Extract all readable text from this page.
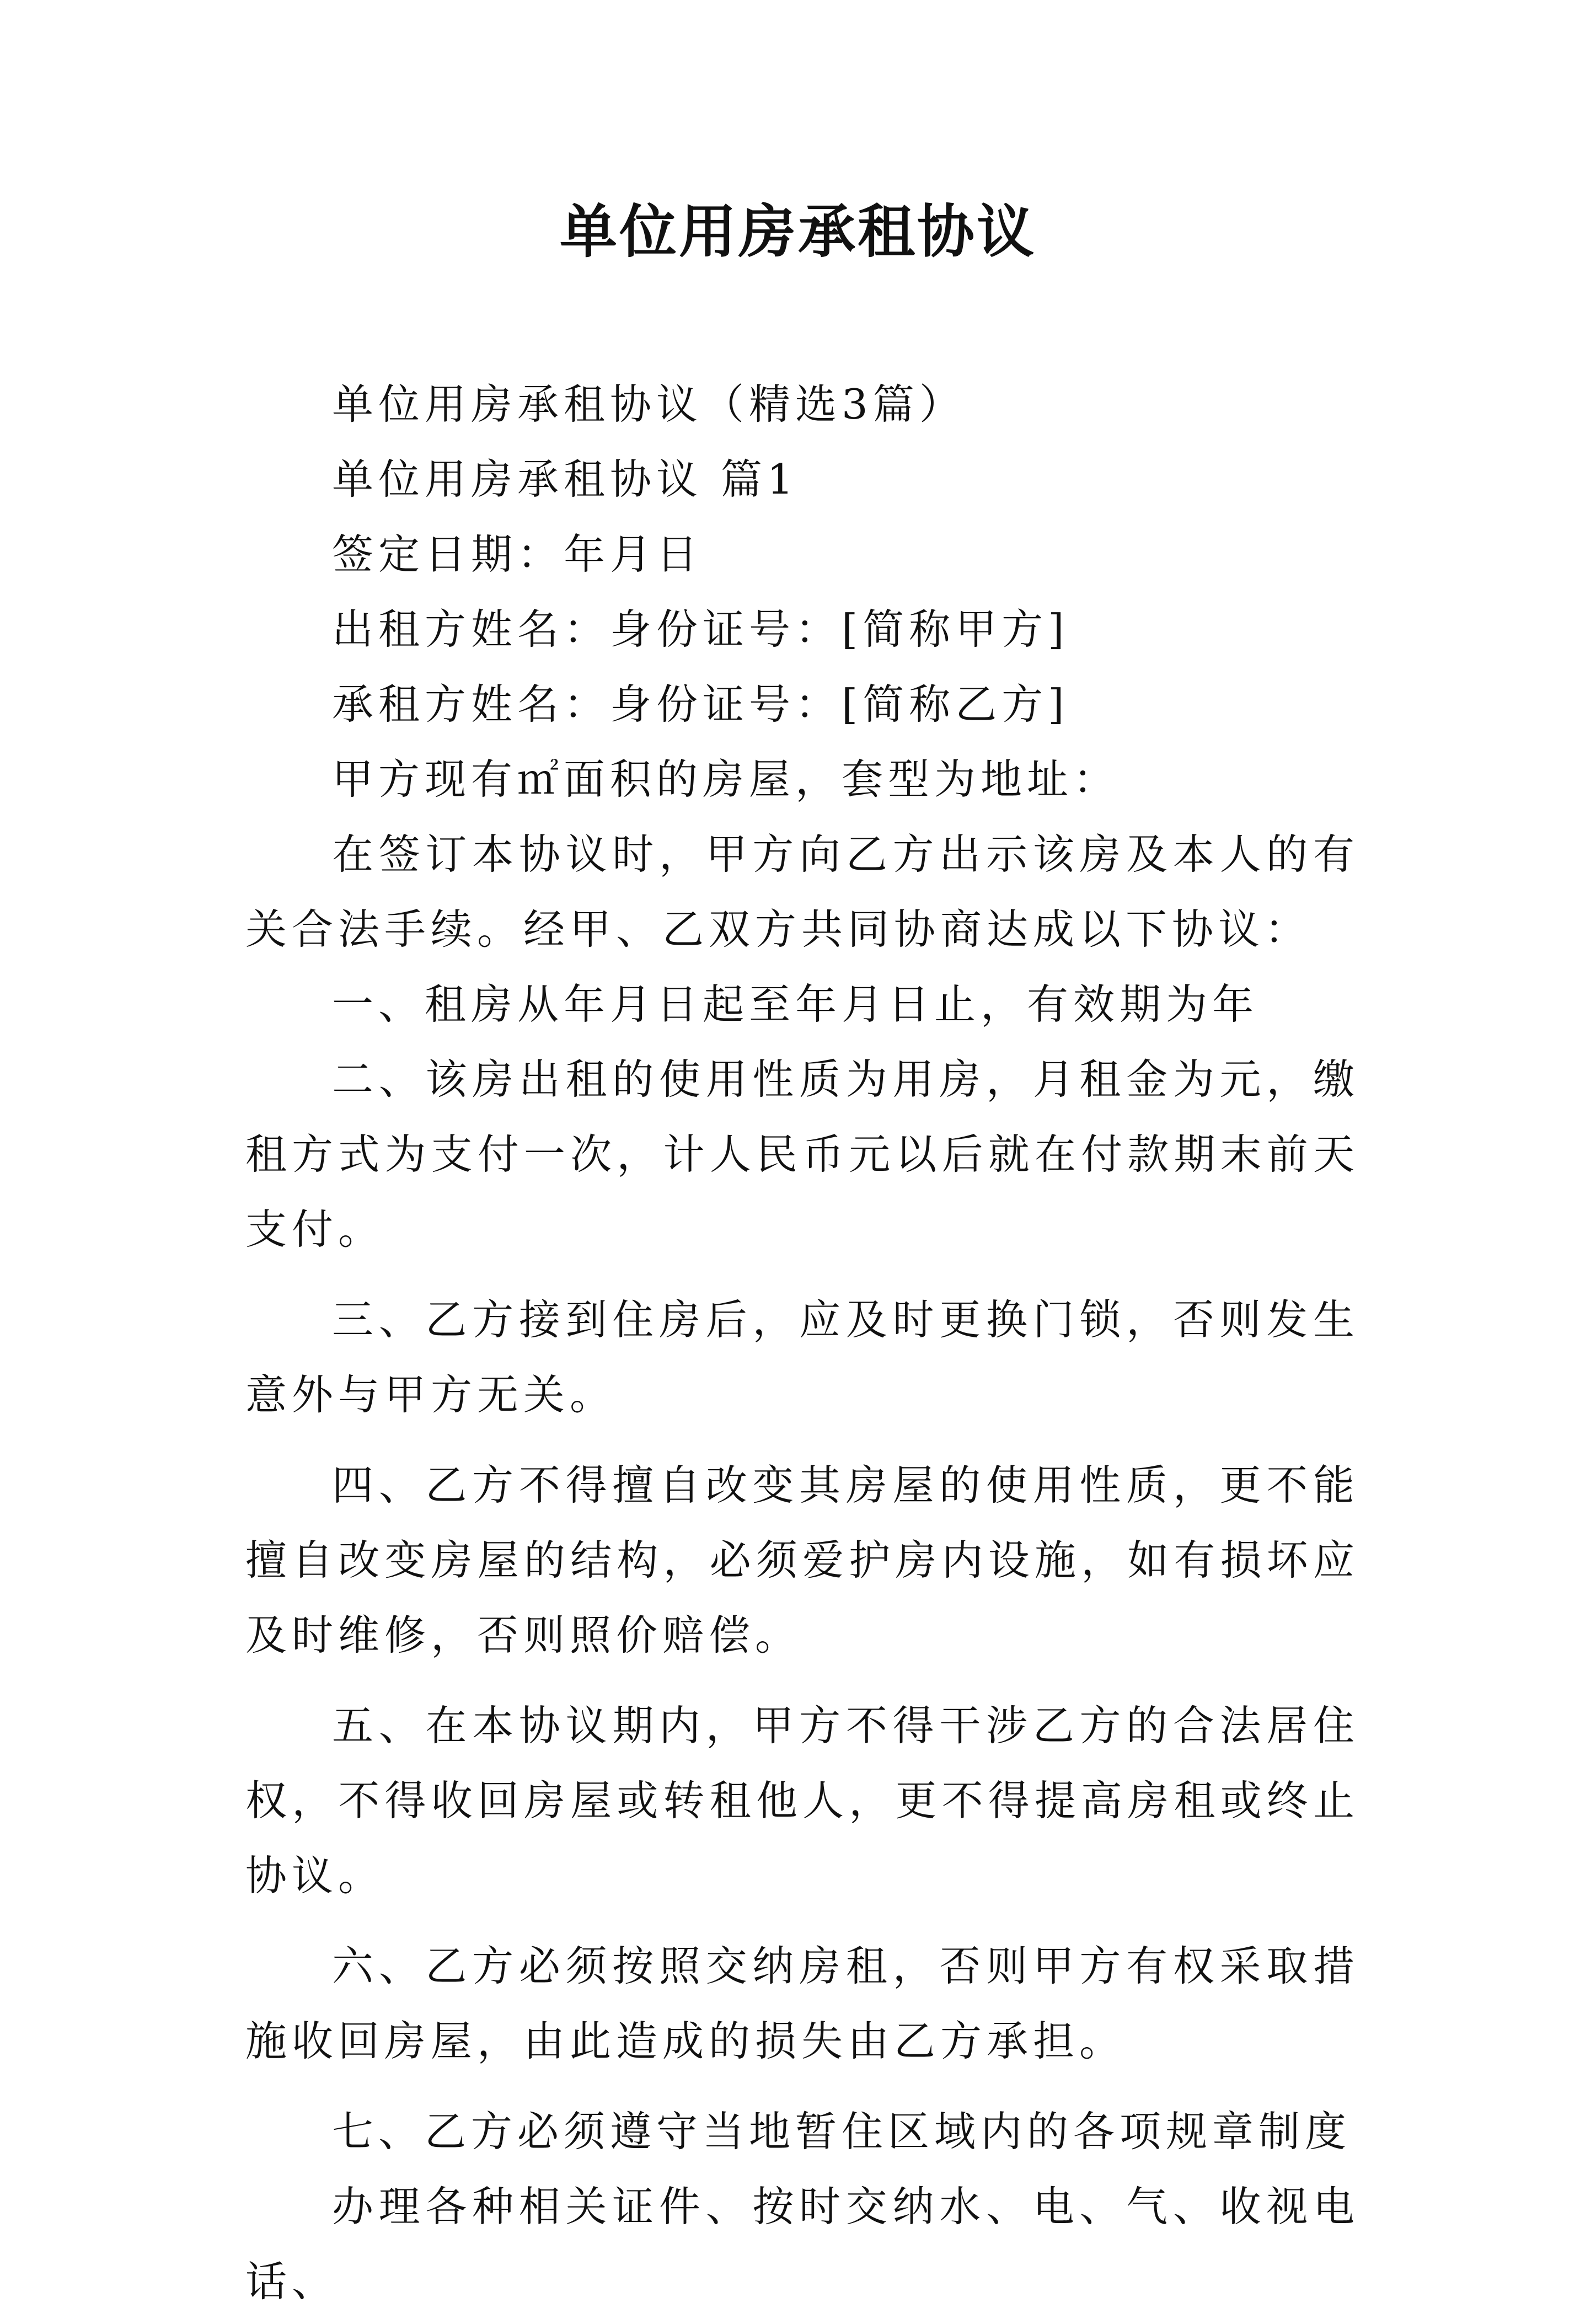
单位用房承租协议

单位用房承租协议（精选3篇）

单位用房承租协议 篇1

签定日期：年月日

出租方姓名：身份证号：[简称甲方]

承租方姓名：身份证号：[简称乙方]

甲方现有㎡面积的房屋，套型为地址：

在签订本协议时，甲方向乙方出示该房及本人的有关合法手续。经甲、乙双方共同协商达成以下协议：

一、租房从年月日起至年月日止，有效期为年

二、该房出租的使用性质为用房，月租金为元，缴租方式为支付一次，计人民币元以后就在付款期末前天支付。

三、乙方接到住房后，应及时更换门锁，否则发生意外与甲方无关。

四、乙方不得擅自改变其房屋的使用性质，更不能擅自改变房屋的结构，必须爱护房内设施，如有损坏应及时维修，否则照价赔偿。

五、在本协议期内，甲方不得干涉乙方的合法居住权，不得收回房屋或转租他人，更不得提高房租或终止协议。

六、乙方必须按照交纳房租，否则甲方有权采取措施收回房屋，由此造成的损失由乙方承担。

七、乙方必须遵守当地暂住区域内的各项规章制度

办理各种相关证件、按时交纳水、电、气、收视电话、
